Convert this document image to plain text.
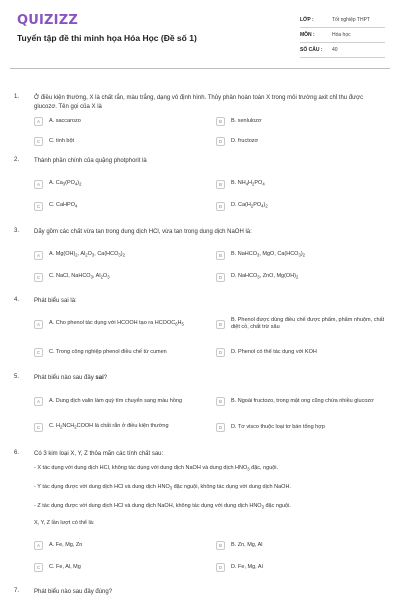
QUIZIZZ
Tuyển tập đề thi minh họa Hóa Học (Đề số 1)
LỚP :	Tốt nghiệp THPT
MÔN :	Hóa học
SỐ CÂU :	40
1. Ở điều kiện thường, X là chất rắn, màu trắng, dạng vô định hình. Thủy phân hoàn toàn X trong môi trường axit chỉ thu được glucozơ. Tên gọi của X là
A	A. saccarozo	B	B. xenlulozơ
C	C. tinh bột	D	D. fructozơ
2. Thành phần chính của quặng photphorit là
A	A. $Ca_3(PO_4)_2$	B	B. $NH_4H_2PO_4$
C	C. CaHPO$_4$	D	D. $Ca(H_2PO_4)_2$
3. Dãy gồm các chất vừa tan trong dung dịch HCl, vừa tan trong dung dịch NaOH là:
A	A. $Mg(OH)_2$, $Al_2O_3$, $Ca(HCO_3)_2$	B	B. NaHCO$_3$, MgO, $Ca(HCO_3)_2$
C	C. NaCl, NaHCO$_3$, $Al_2O_3$	D	D. NaHCO$_3$, ZnO, $Mg(OH)_2$
4. Phát biểu sai là:
A	A. Cho phenol tác dụng với HCOOH tạo ra $HCOOC_6H_5$	B
B. Phenol được dùng điều chế được phẩm, phẩm nhuộm, chất diệt cỏ, chất trừ sâu
C	C. Trong công nghiệp phenol điều chế từ cumen	D	D. Phenol có thể tác dụng với KOH
5. Phát biểu nào sau đây sai?
A	A. Dung dịch valin làm quỳ tím chuyển sang màu hồng	B	B. Ngoài fructozo, trong mật ong cũng chứa nhiều glucozơ
C	C. $H_2NCH_2COOH$ là chất rắn ở điều kiện thường	D	D. Tơ visco thuộc loại tơ bán tổng hợp
6. Có 3 kim loại X, Y, Z thỏa mãn các tính chất sau:
- X tác dụng với dung dịch HCl, không tác dụng với dung dịch NaOH và dung dịch $HNO_3$ đặc, nguội.
- Y tác dụng được với dung dịch HCl và dung dịch $HNO_3$ đặc nguội, không tác dụng với dung dịch NaOH.
- Z tác dụng được với dung dịch HCl và dung dịch NaOH, không tác dụng với dung dịch $HNO_3$ đặc nguội.
X, Y, Z lần lượt có thể là:
A	A. Fe, Mg, Zn	B	B. Zn, Mg, Al
C	C. Fe, Al, Mg	D	D. Fe, Mg, Al
7. Phát biểu nào sau đây đúng?
